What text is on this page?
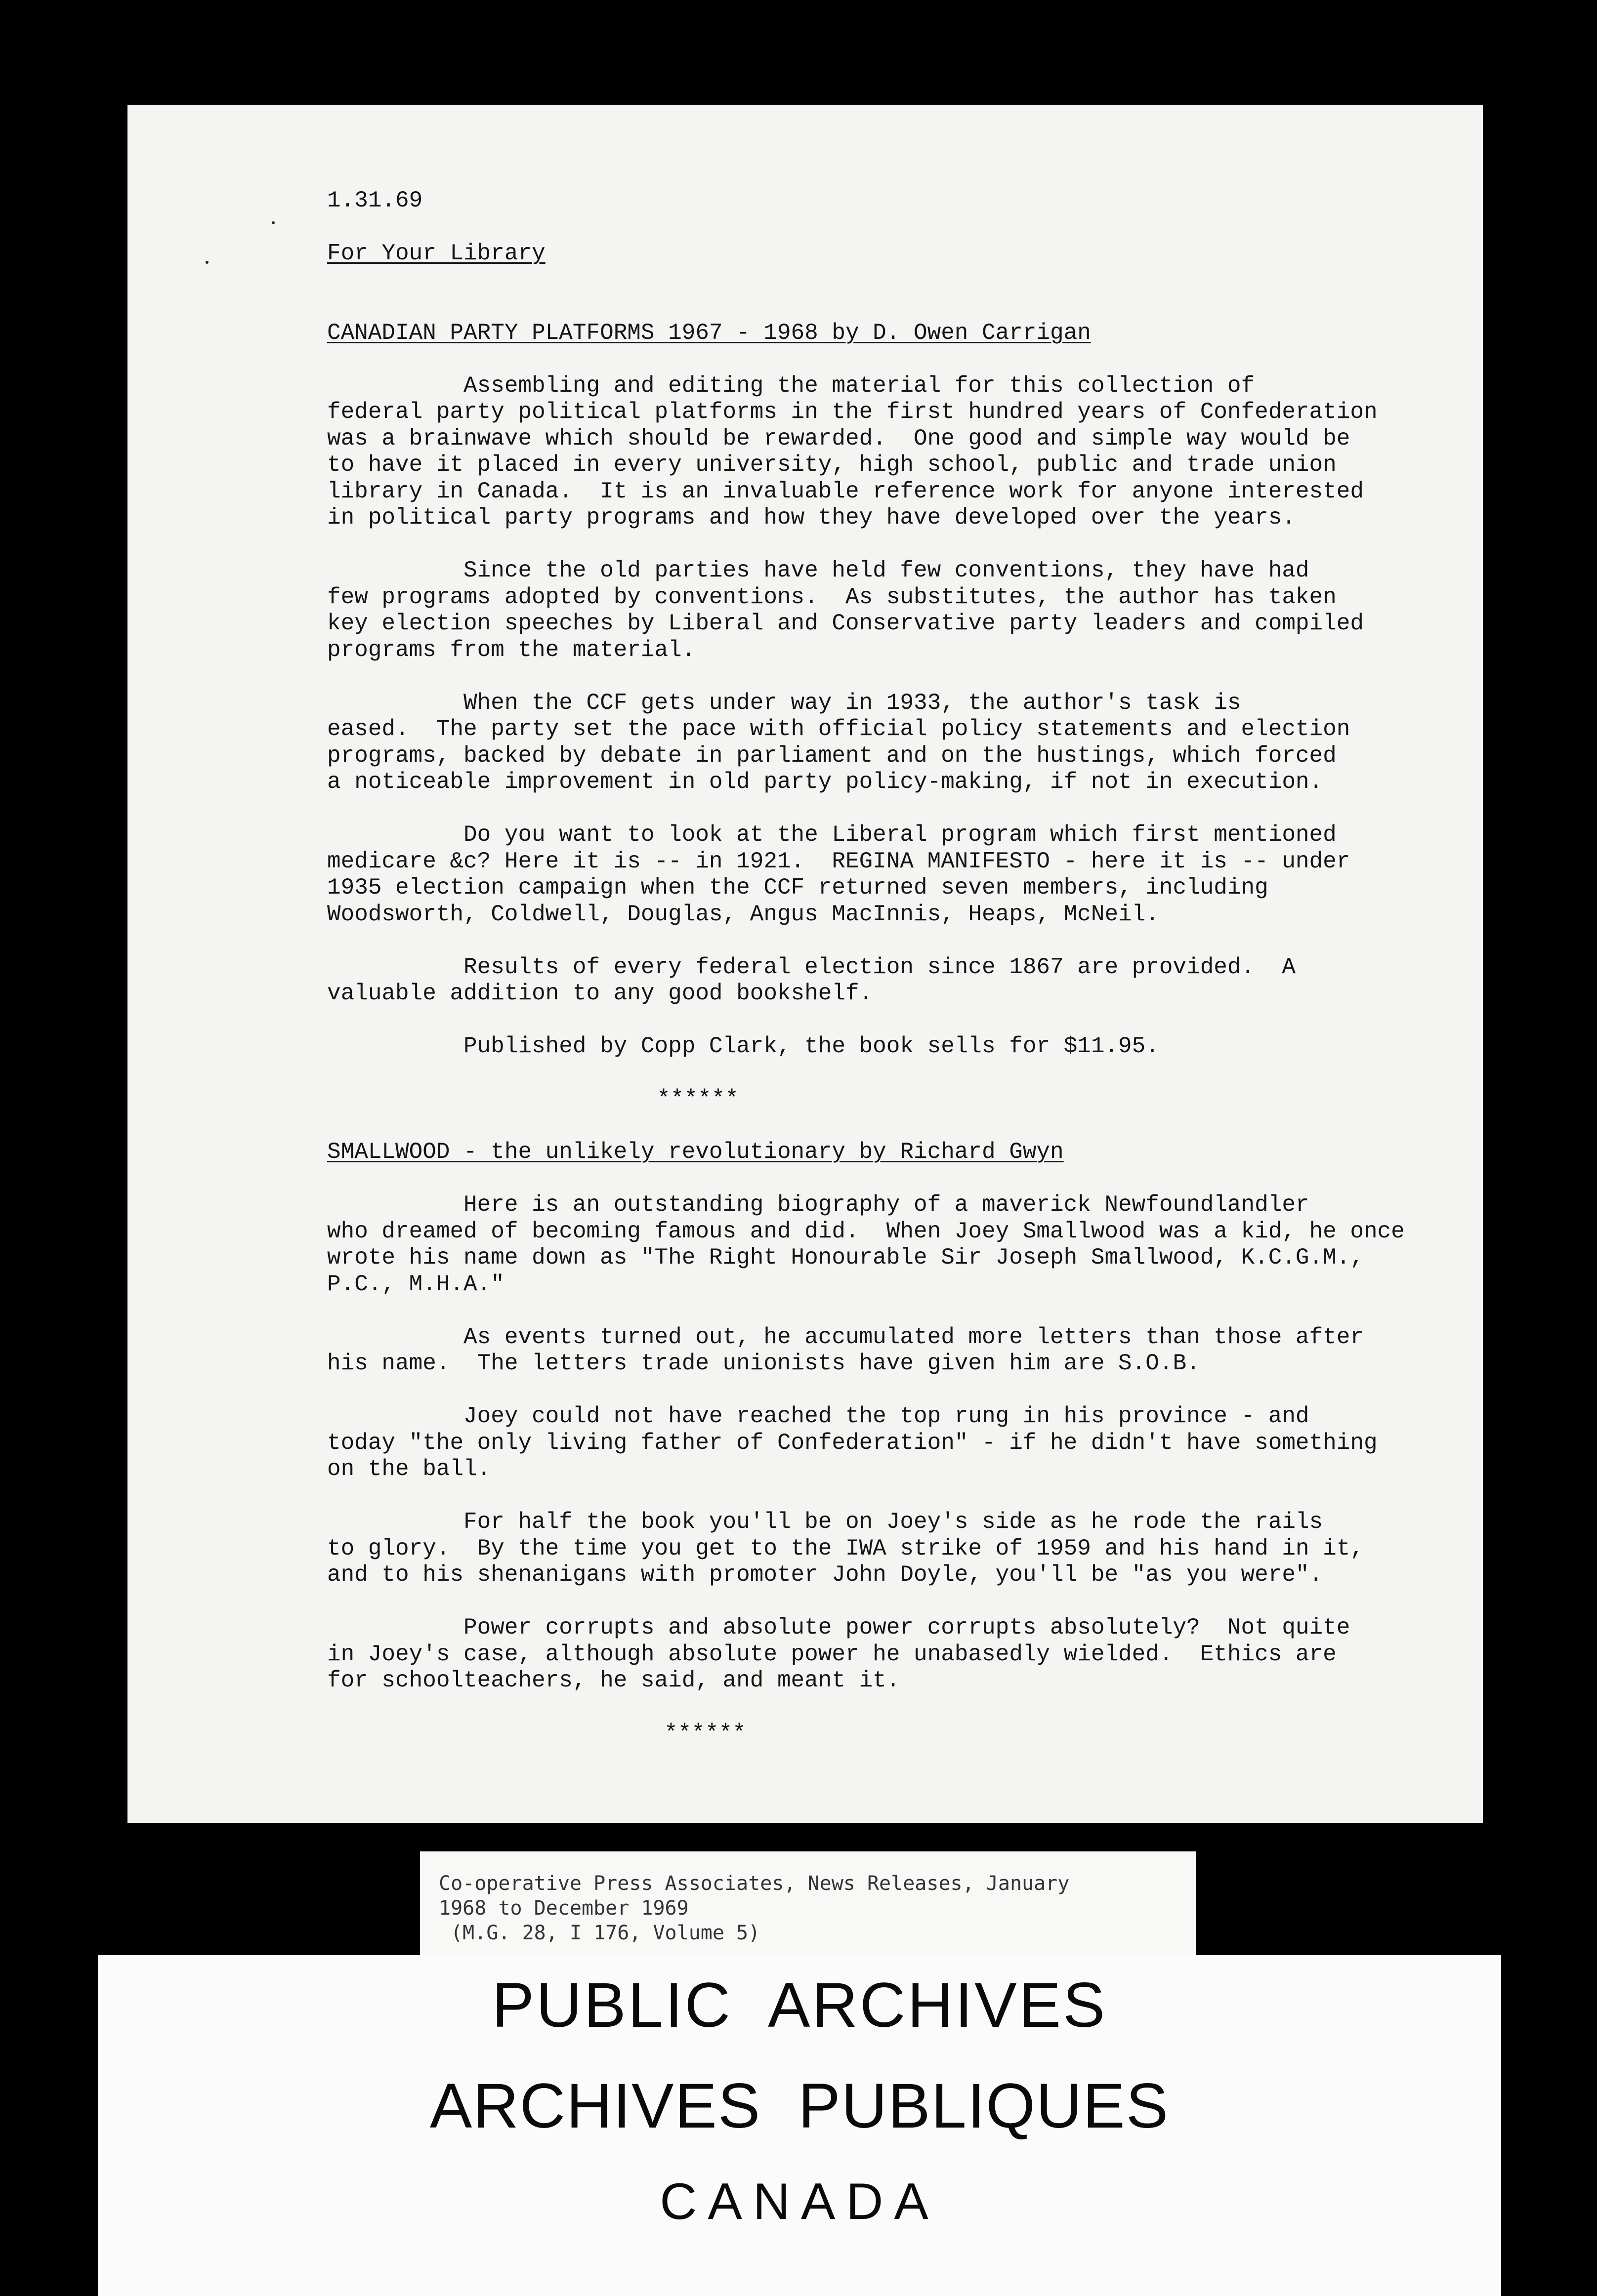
1.31.69

For Your Library

CANADIAN PARTY PLATFORMS 1967 - 1968 by D. Owen Carrigan

Assembling and editing the material for this collection of

federal party political platforms in the first hundred years of Confederation

was a brainwave which should be rewarded.  One good and simple way would be

to have it placed in every university, high school, public and trade union

library in Canada.  It is an invaluable reference work for anyone interested

in political party programs and how they have developed over the years.

Since the old parties have held few conventions, they have had

few programs adopted by conventions.  As substitutes, the author has taken

key election speeches by Liberal and Conservative party leaders and compiled

programs from the material.

When the CCF gets under way in 1933, the author's task is

eased.  The party set the pace with official policy statements and election

programs, backed by debate in parliament and on the hustings, which forced

a noticeable improvement in old party policy-making, if not in execution.

Do you want to look at the Liberal program which first mentioned

medicare &c? Here it is -- in 1921.  REGINA MANIFESTO - here it is -- under

1935 election campaign when the CCF returned seven members, including

Woodsworth, Coldwell, Douglas, Angus MacInnis, Heaps, McNeil.

Results of every federal election since 1867 are provided.  A

valuable addition to any good bookshelf.

Published by Copp Clark, the book sells for $11.95.

******

SMALLWOOD - the unlikely revolutionary by Richard Gwyn

Here is an outstanding biography of a maverick Newfoundlandler

who dreamed of becoming famous and did.  When Joey Smallwood was a kid, he once

wrote his name down as "The Right Honourable Sir Joseph Smallwood, K.C.G.M.,

P.C., M.H.A."

As events turned out, he accumulated more letters than those after

his name.  The letters trade unionists have given him are S.O.B.

Joey could not have reached the top rung in his province - and

today "the only living father of Confederation" - if he didn't have something

on the ball.

For half the book you'll be on Joey's side as he rode the rails

to glory.  By the time you get to the IWA strike of 1959 and his hand in it,

and to his shenanigans with promoter John Doyle, you'll be "as you were".

Power corrupts and absolute power corrupts absolutely?  Not quite

in Joey's case, although absolute power he unabasedly wielded.  Ethics are

for schoolteachers, he said, and meant it.

******

Co-operative Press Associates, News Releases, January

1968 to December 1969

(M.G. 28, I 176, Volume 5)

PUBLIC  ARCHIVES
ARCHIVES  PUBLIQUES
CANADA
